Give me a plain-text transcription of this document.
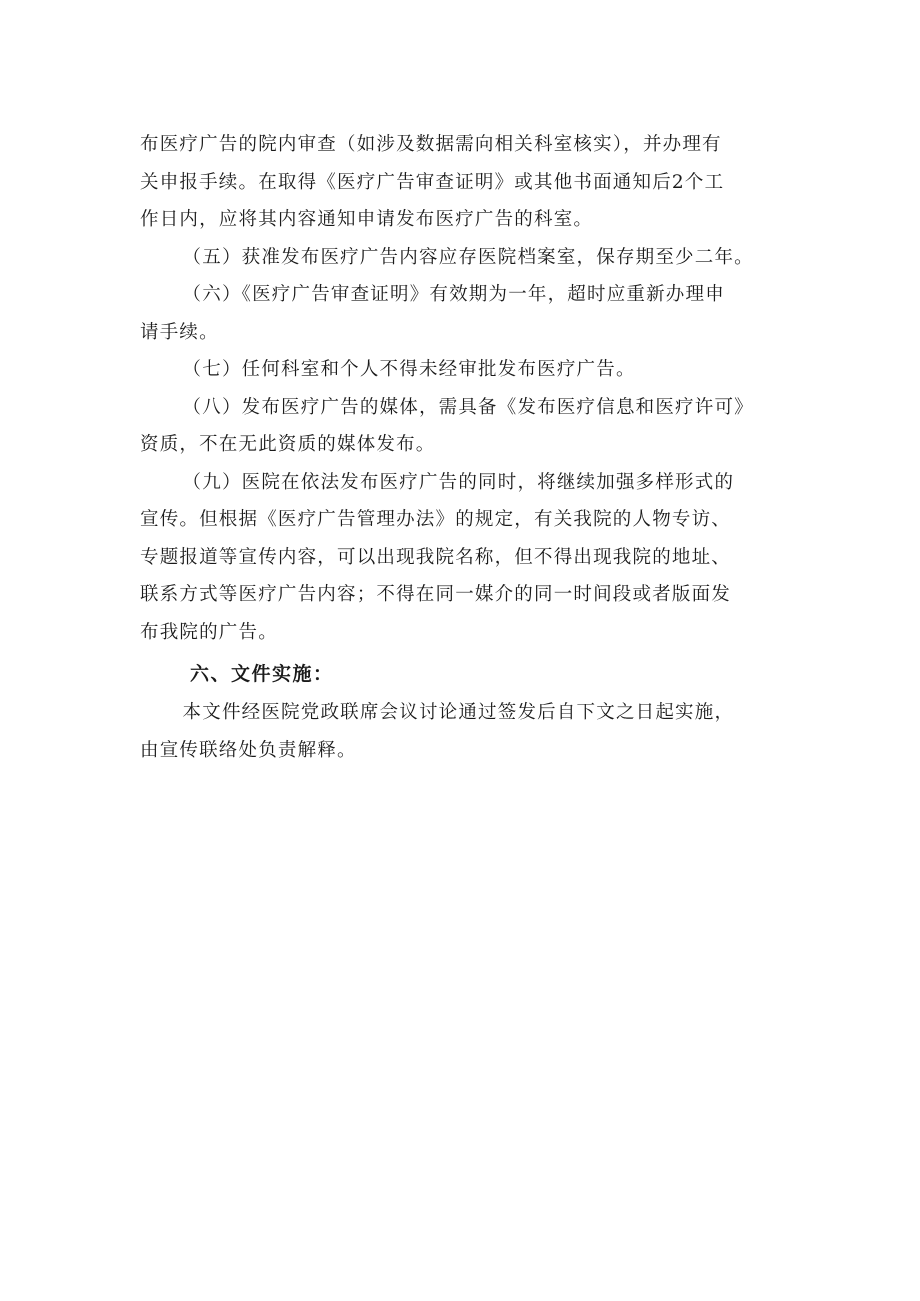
布医疗广告的院内审查（如涉及数据需向相关科室核实），并办理有
关申报手续。在取得《医疗广告审查证明》或其他书面通知后2个工
作日内，应将其内容通知申请发布医疗广告的科室。

（五）获准发布医疗广告内容应存医院档案室，保存期至少二年。

（六）《医疗广告审查证明》有效期为一年，超时应重新办理申
请手续。

（七）任何科室和个人不得未经审批发布医疗广告。

（八）发布医疗广告的媒体，需具备《发布医疗信息和医疗许可》
资质，不在无此资质的媒体发布。

（九）医院在依法发布医疗广告的同时，将继续加强多样形式的
宣传。但根据《医疗广告管理办法》的规定，有关我院的人物专访、
专题报道等宣传内容，可以出现我院名称，但不得出现我院的地址、
联系方式等医疗广告内容；不得在同一媒介的同一时间段或者版面发
布我院的广告。

六、文件实施：

本文件经医院党政联席会议讨论通过签发后自下文之日起实施，
由宣传联络处负责解释。
